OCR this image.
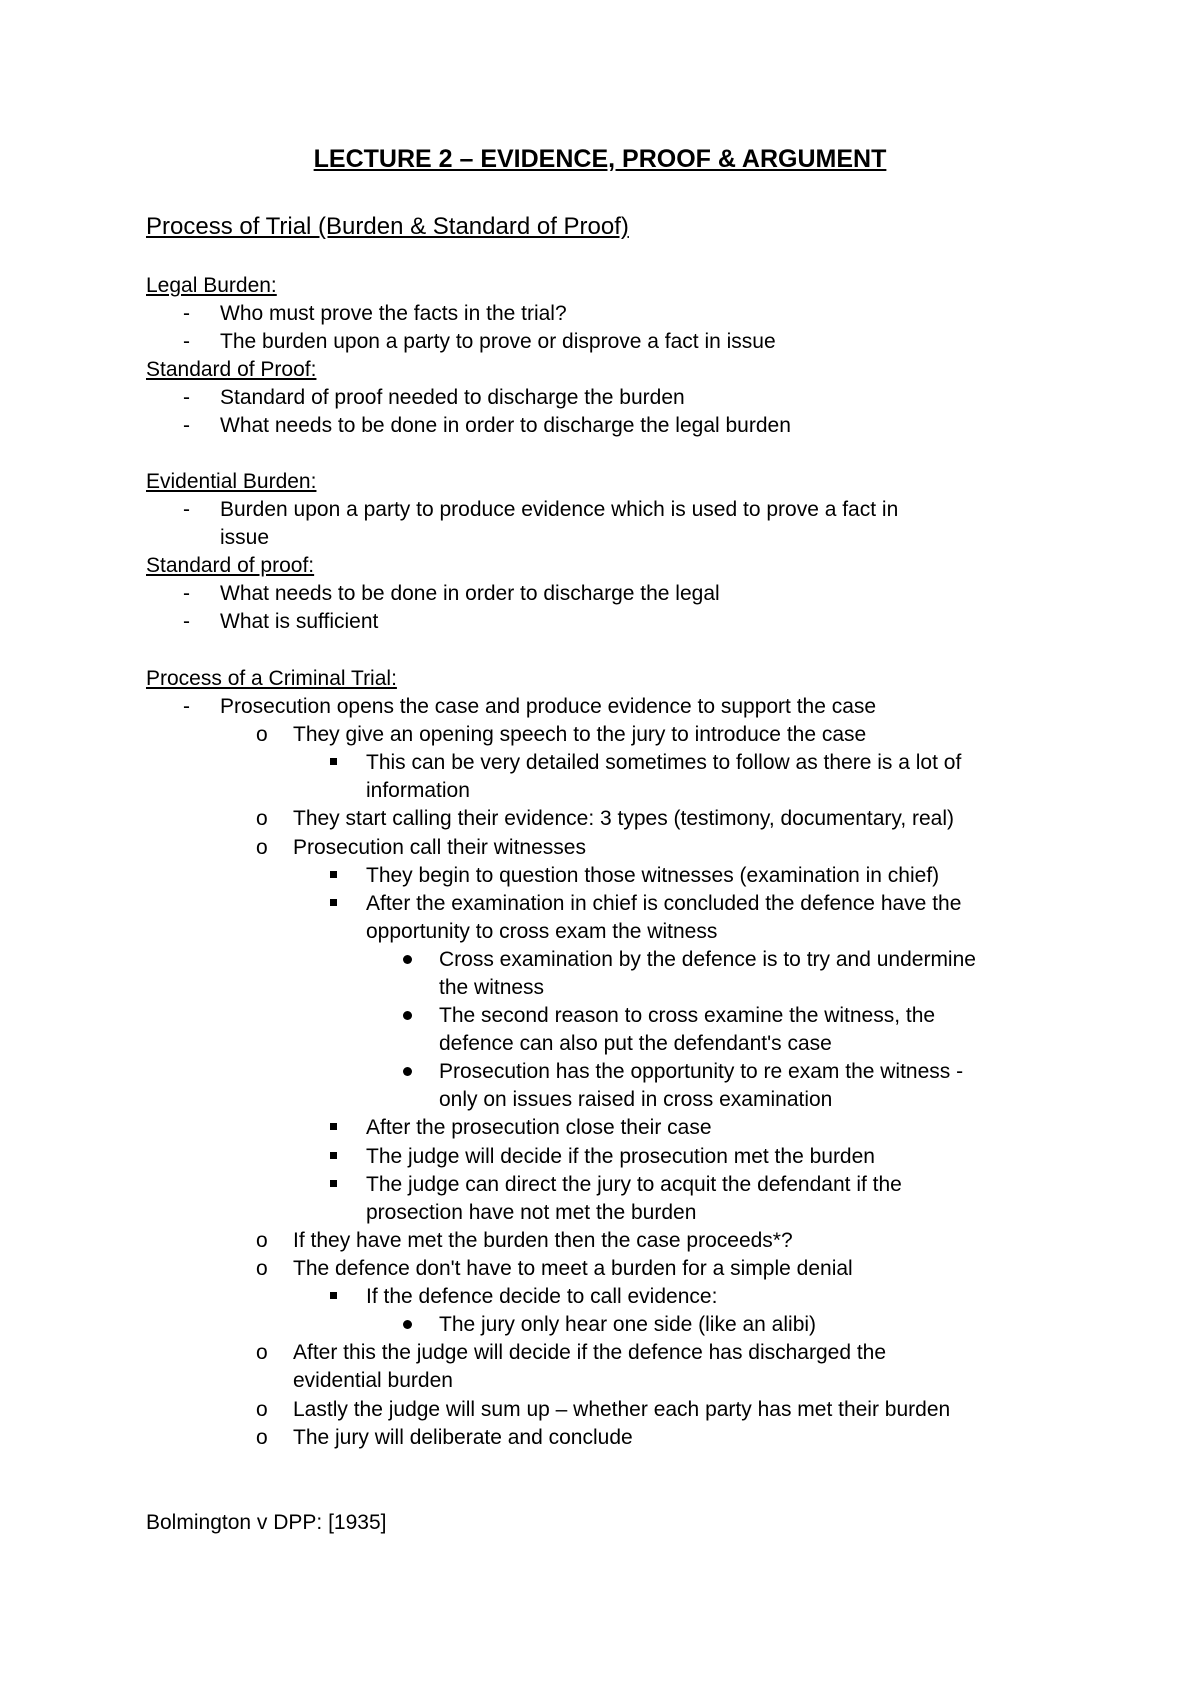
LECTURE 2 – EVIDENCE, PROOF & ARGUMENT
Process of Trial (Burden & Standard of Proof)
Legal Burden:
- Who must prove the facts in the trial?
- The burden upon a party to prove or disprove a fact in issue
Standard of Proof:
- Standard of proof needed to discharge the burden
- What needs to be done in order to discharge the legal burden
Evidential Burden:
- Burden upon a party to produce evidence which is used to prove a fact in
issue
Standard of proof:
- What needs to be done in order to discharge the legal
- What is sufficient
Process of a Criminal Trial:
- Prosecution opens the case and produce evidence to support the case
o They give an opening speech to the jury to introduce the case
This can be very detailed sometimes to follow as there is a lot of
information
o They start calling their evidence: 3 types (testimony, documentary, real)
o Prosecution call their witnesses
They begin to question those witnesses (examination in chief)
After the examination in chief is concluded the defence have the
opportunity to cross exam the witness
Cross examination by the defence is to try and undermine
the witness
The second reason to cross examine the witness, the
defence can also put the defendant's case
Prosecution has the opportunity to re exam the witness -
only on issues raised in cross examination
After the prosecution close their case
The judge will decide if the prosecution met the burden
The judge can direct the jury to acquit the defendant if the
prosection have not met the burden
o If they have met the burden then the case proceeds*?
o The defence don't have to meet a burden for a simple denial
If the defence decide to call evidence:
The jury only hear one side (like an alibi)
o After this the judge will decide if the defence has discharged the
evidential burden
o Lastly the judge will sum up – whether each party has met their burden
o The jury will deliberate and conclude
Bolmington v DPP: [1935]
